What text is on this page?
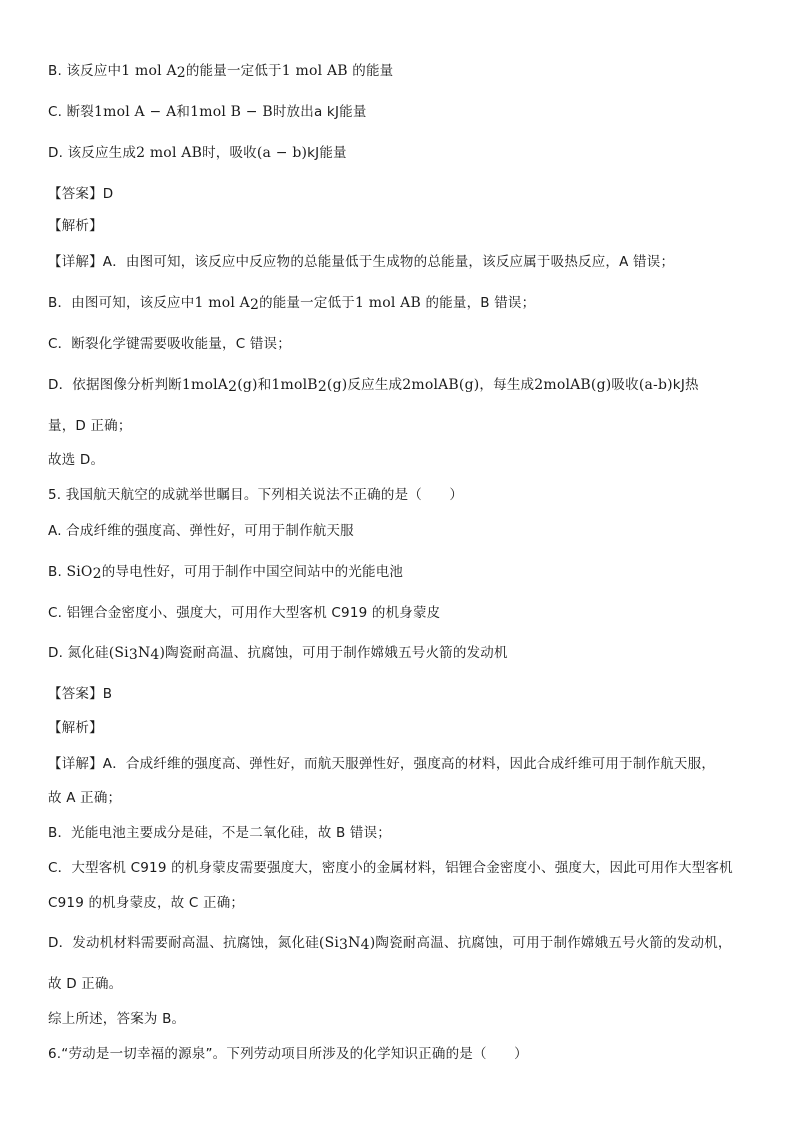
B. 该反应中1 mol $A_2$的能量一定低于1 mol AB 的能量
C. 断裂1mol A − A和1mol B − B时放出a kJ能量
D. 该反应生成2 mol AB时，吸收(a − b)kJ能量
【答案】D
【解析】
【详解】A．由图可知，该反应中反应物的总能量低于生成物的总能量，该反应属于吸热反应，A 错误；
B．由图可知，该反应中1 mol $A_2$的能量一定低于1 mol AB 的能量，B 错误；
C．断裂化学键需要吸收能量，C 错误；
D．依据图像分析判断1molA$_2$(g)和1molB$_2$(g)反应生成2molAB(g)，每生成2molAB(g)吸收(a-b)kJ热
量，D 正确；
故选 D。
5. 我国航天航空的成就举世瞩目。下列相关说法不正确的是（　　）
A. 合成纤维的强度高、弹性好，可用于制作航天服
B. SiO$_2$的导电性好，可用于制作中国空间站中的光能电池
C. 铝锂合金密度小、强度大，可用作大型客机 C919 的机身蒙皮
D. 氮化硅$(Si_3N_4)$陶瓷耐高温、抗腐蚀，可用于制作嫦娥五号火箭的发动机
【答案】B
【解析】
【详解】A．合成纤维的强度高、弹性好，而航天服弹性好，强度高的材料，因此合成纤维可用于制作航天服，
故 A 正确；
B．光能电池主要成分是硅，不是二氧化硅，故 B 错误；
C．大型客机 C919 的机身蒙皮需要强度大，密度小的金属材料，铝锂合金密度小、强度大，因此可用作大型客机
C919 的机身蒙皮，故 C 正确；
D．发动机材料需要耐高温、抗腐蚀，氮化硅$(Si_3N_4)$陶瓷耐高温、抗腐蚀，可用于制作嫦娥五号火箭的发动机，
故 D 正确。
综上所述，答案为 B。
6.“劳动是一切幸福的源泉”。下列劳动项目所涉及的化学知识正确的是（　　）
